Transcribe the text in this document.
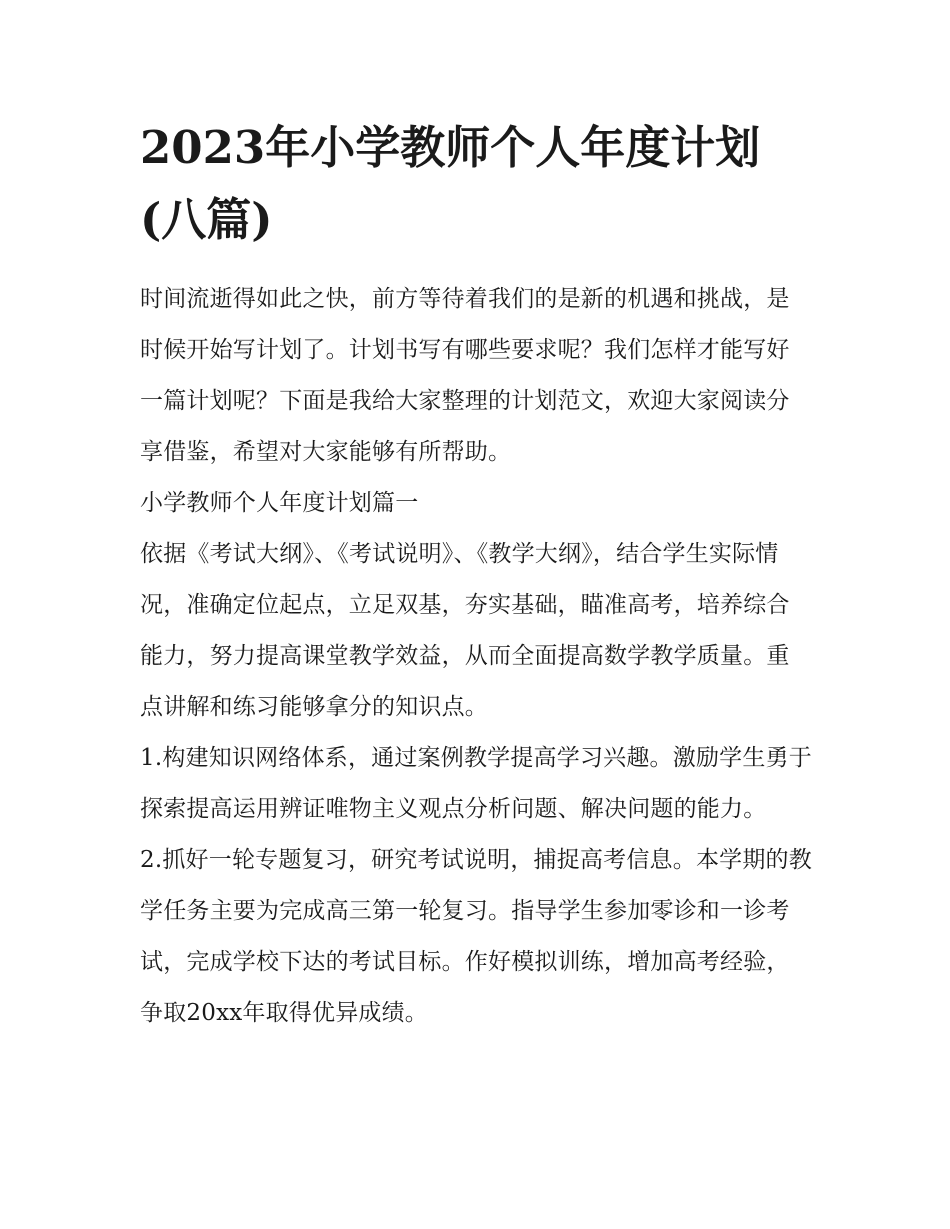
2023年小学教师个人年度计划(八篇)

时间流逝得如此之快，前方等待着我们的是新的机遇和挑战，是时候开始写计划了。计划书写有哪些要求呢？我们怎样才能写好一篇计划呢？下面是我给大家整理的计划范文，欢迎大家阅读分享借鉴，希望对大家能够有所帮助。

小学教师个人年度计划篇一

依据《考试大纲》、《考试说明》、《教学大纲》，结合学生实际情况，准确定位起点，立足双基，夯实基础，瞄准高考，培养综合能力，努力提高课堂教学效益，从而全面提高数学教学质量。重点讲解和练习能够拿分的知识点。

1.构建知识网络体系，通过案例教学提高学习兴趣。激励学生勇于探索提高运用辨证唯物主义观点分析问题、解决问题的能力。

2.抓好一轮专题复习，研究考试说明，捕捉高考信息。本学期的教学任务主要为完成高三第一轮复习。指导学生参加零诊和一诊考试，完成学校下达的考试目标。作好模拟训练，增加高考经验，争取20xx年取得优异成绩。
